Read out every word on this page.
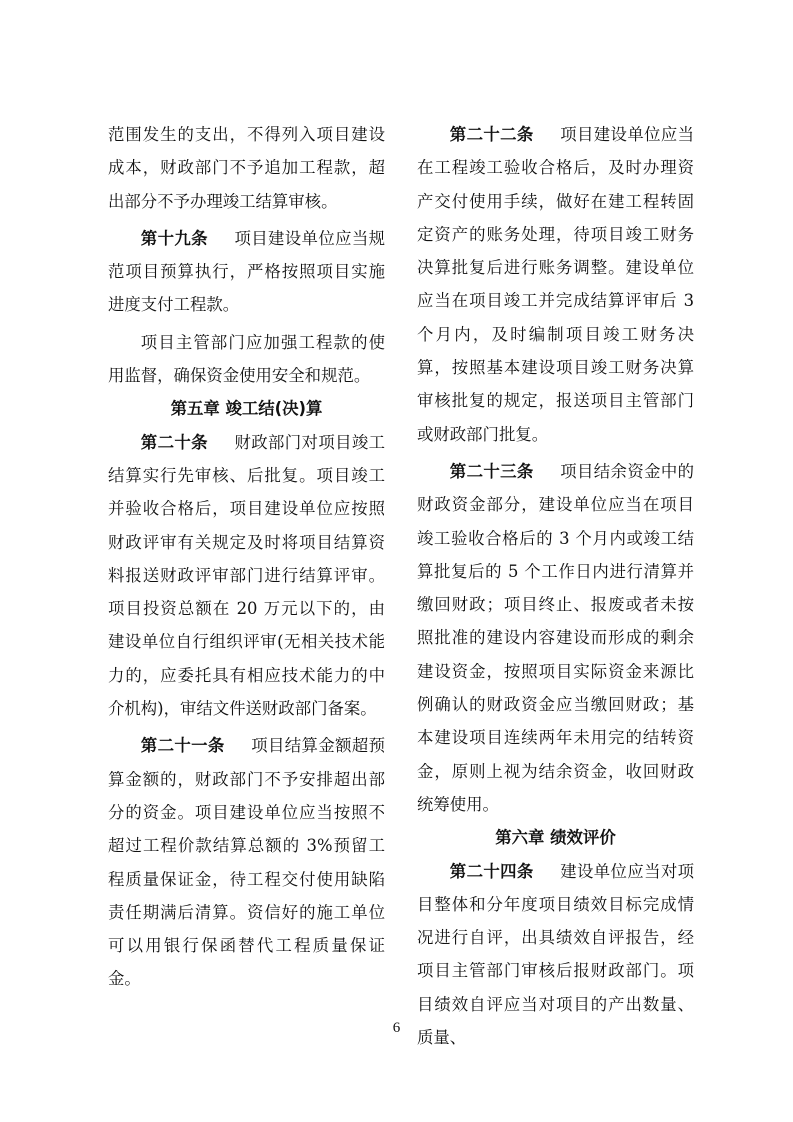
范围发生的支出，不得列入项目建设成本，财政部门不予追加工程款，超出部分不予办理竣工结算审核。

第十九条 项目建设单位应当规范项目预算执行，严格按照项目实施进度支付工程款。

项目主管部门应加强工程款的使用监督，确保资金使用安全和规范。

第五章 竣工结(决)算

第二十条 财政部门对项目竣工结算实行先审核、后批复。项目竣工并验收合格后，项目建设单位应按照财政评审有关规定及时将项目结算资料报送财政评审部门进行结算评审。项目投资总额在 20 万元以下的，由建设单位自行组织评审(无相关技术能力的，应委托具有相应技术能力的中介机构)，审结文件送财政部门备案。

第二十一条 项目结算金额超预算金额的，财政部门不予安排超出部分的资金。项目建设单位应当按照不超过工程价款结算总额的 3%预留工程质量保证金，待工程交付使用缺陷责任期满后清算。资信好的施工单位可以用银行保函替代工程质量保证金。

第二十二条 项目建设单位应当在工程竣工验收合格后，及时办理资产交付使用手续，做好在建工程转固定资产的账务处理，待项目竣工财务决算批复后进行账务调整。建设单位应当在项目竣工并完成结算评审后 3 个月内，及时编制项目竣工财务决算，按照基本建设项目竣工财务决算审核批复的规定，报送项目主管部门或财政部门批复。

第二十三条 项目结余资金中的财政资金部分，建设单位应当在项目竣工验收合格后的 3 个月内或竣工结算批复后的 5 个工作日内进行清算并缴回财政；项目终止、报废或者未按照批准的建设内容建设而形成的剩余建设资金，按照项目实际资金来源比例确认的财政资金应当缴回财政；基本建设项目连续两年未用完的结转资金，原则上视为结余资金，收回财政统筹使用。

第六章 绩效评价

第二十四条 建设单位应当对项目整体和分年度项目绩效目标完成情况进行自评，出具绩效自评报告，经项目主管部门审核后报财政部门。项目绩效自评应当对项目的产出数量、质量、

6
